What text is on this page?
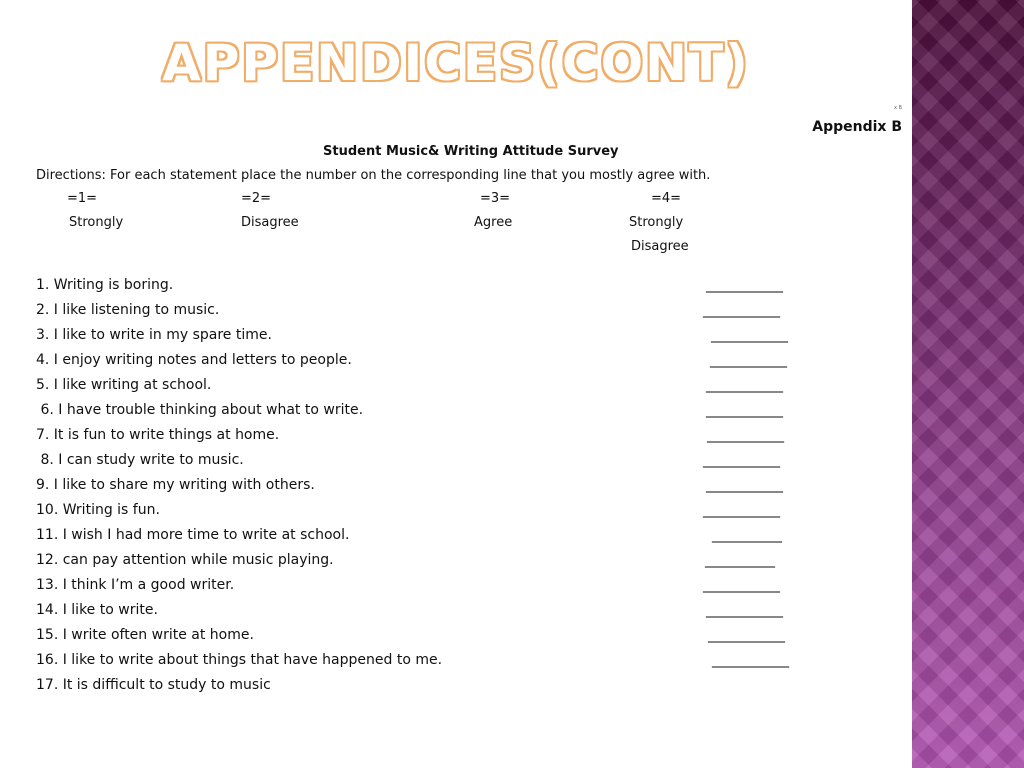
APPENDICES(CONT)
x B
Appendix B
Student Music& Writing Attitude Survey
Directions: For each statement place the number on the corresponding line that you mostly agree with.
=1=	=2=	=3=	=4=
Strongly	Disagree	Agree	Strongly
Disagree
1. Writing is boring.	___________
2. I like listening to music.	___________
3. I like to write in my spare time.	___________
4. I enjoy writing notes and letters to people.	___________
5. I like writing at school.	___________
6. I have trouble thinking about what to write.	___________
7. It is fun to write things at home.	___________
8. I can study write to music.	___________
9. I like to share my writing with others.	___________
10. Writing is fun.	___________
11. I wish I had more time to write at school.	__________
12. can pay attention while music playing.	__________
13. I think I’m a good writer.	___________
14. I like to write.	___________
15. I write often write at home.	___________
16. I like to write about things that have happened to me.	___________
17. It is difficult to study to music
